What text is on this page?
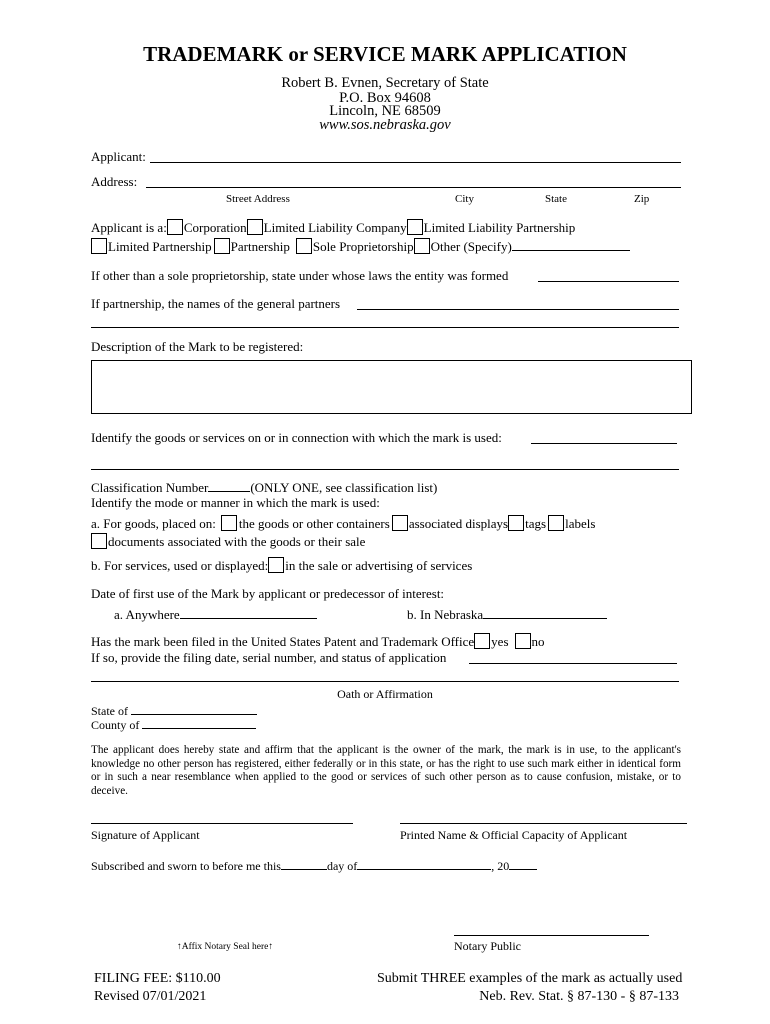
TRADEMARK or SERVICE MARK APPLICATION
Robert B. Evnen, Secretary of State
P.O. Box 94608
Lincoln, NE 68509
www.sos.nebraska.gov
Applicant:
Address:
Street Address	City	State	Zip
Applicant is a: Corporation Limited Liability Company Limited Liability Partnership
Limited Partnership Partnership Sole Proprietorship Other (Specify)
If other than a sole proprietorship, state under whose laws the entity was formed
If partnership, the names of the general partners
Description of the Mark to be registered:
Identify the goods or services on or in connection with which the mark is used:
Classification Number	(ONLY ONE, see classification list)
Identify the mode or manner in which the mark is used:
a. For goods, placed on: the goods or other containers associated displays tags labels
documents associated with the goods or their sale
b. For services, used or displayed: in the sale or advertising of services
Date of first use of the Mark by applicant or predecessor of interest:
a. Anywhere	b. In Nebraska
Has the mark been filed in the United States Patent and Trademark Office yes no
If so, provide the filing date, serial number, and status of application
Oath or Affirmation
State of
County of
The applicant does hereby state and affirm that the applicant is the owner of the mark, the mark is in use, to the applicant's knowledge no other person has registered, either federally or in this state, or has the right to use such mark either in identical form or in such a near resemblance when applied to the good or services of such other person as to cause confusion, mistake, or to deceive.
Signature of Applicant	Printed Name & Official Capacity of Applicant
Subscribed and sworn to before me this	day of	, 20
↑Affix Notary Seal here↑	Notary Public
FILING FEE: $110.00
Revised 07/01/2021
Submit THREE examples of the mark as actually used
Neb. Rev. Stat. § 87-130 - § 87-133
